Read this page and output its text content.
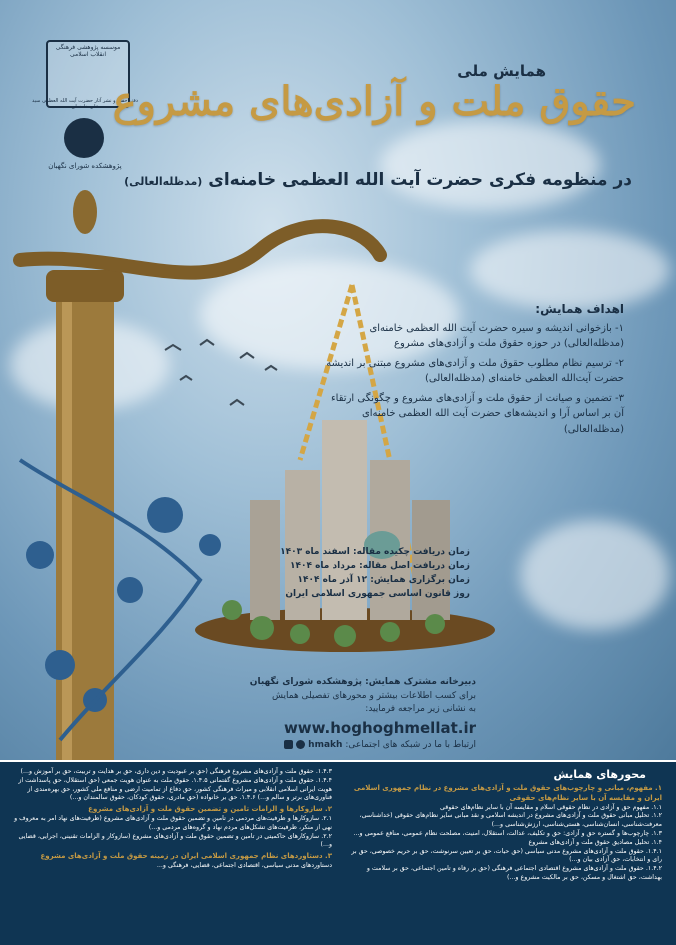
موسسه پژوهشی فرهنگی انقلاب اسلامی
دفتر حفظ و نشر آثار حضرت آیت الله العظمی سید علی خامنه‌ای
پژوهشکده شورای نگهبان
همایش ملی
حقوق ملت و آزادی‌های مشروع
در منظومه فکری حضرت آیت الله العظمی خامنه‌ای (مدظله‌العالی)
اهداف همایش:
۱- بازخوانی اندیشه و سیره حضرت آیت الله العظمی خامنه‌ای (مدظله‌العالی) در حوزه حقوق ملت و آزادی‌های مشروع
۲- ترسیم نظام مطلوب حقوق ملت و آزادی‌های مشروع مبتنی بر اندیشه حضرت آیت‌الله العظمی خامنه‌ای (مدظله‌العالی)
۳- تضمین و صیانت از حقوق ملت و آزادی‌های مشروع و چگونگی ارتقاء آن بر اساس آرا و اندیشه‌های حضرت آیت الله العظمی خامنه‌ای (مدظله‌العالی)
زمان دریافت چکیده مقاله: اسفند ماه ۱۴۰۳
زمان دریافت اصل مقاله: مرداد ماه ۱۴۰۴
زمان برگزاری همایش: ۱۲ آذر ماه ۱۴۰۴
روز قانون اساسی جمهوری اسلامی ایران
دبیرخانه مشترک همایش: پژوهشکده شورای نگهبان
برای کسب اطلاعات بیشتر و محورهای تفصیلی همایش
به نشانی زیر مراجعه فرمایید:
www.hoghoghmellat.ir
ارتباط با ما در شبکه های اجتماعی: hmakh
محورهای همایش
۱. مفهوم، مبانی و چارچوب‌های حقوق ملت و آزادی‌های مشروع در نظام جمهوری اسلامی ایران و مقایسه آن با سایر نظام‌های حقوقی
۱.۱. مفهوم حق و آزادی در نظام حقوقی اسلام و مقایسه آن با سایر نظام‌های حقوقی
۱.۲. تحلیل مبانی حقوق ملت و آزادی‌های مشروع در اندیشه اسلامی و نقد مبانی سایر نظام‌های حقوقی (خداشناسی، معرفت‌شناسی، انسان‌شناسی، هستی‌شناسی، ارزش‌شناسی و...)
۱.۳. چارچوب‌ها و گستره حق و آزادی: حق و تکلیف، عدالت، استقلال، امنیت، مصلحت نظام عمومی، منافع عمومی و...
۱.۴. تحلیل مصادیق حقوق ملت و آزادی‌های مشروع
۱.۴.۱. حقوق ملت و آزادی‌های مشروع مدنی سیاسی (حق حیات، حق بر تعیین سرنوشت، حق بر حریم خصوصی، حق بر رای و انتخابات، حق آزادی بیان و...)
۱.۴.۲. حقوق ملت و آزادی‌های مشروع اقتصادی اجتماعی فرهنگی (حق بر رفاه و تامین اجتماعی، حق بر سلامت و بهداشت، حق اشتغال و مسکن، حق بر مالکیت مشروع و...)
۱.۴.۳. حقوق ملت و آزادی‌های مشروع فرهنگی (حق بر عبودیت و دین داری، حق بر هدایت و تربیت، حق بر آموزش و...) ۱.۴.۴. حقوق ملت و آزادی‌های مشروع گفتمانی ۱.۴.۵. حقوق ملت به عنوان هویت جمعی (حق استقلال، حق پاسداشت از هویت ایرانی اسلامی انقلابی و میراث فرهنگی کشور، حق دفاع از تمامیت ارضی و منافع ملی کشور، حق بهره‌مندی از فناوری‌های برتر و سالم و...) ۱.۴.۶. حق بر خانواده (حق مادری، حقوق کودکان، حقوق سالمندان و...)
۲. سازوکارها و الزامات تامین و تضمین حقوق ملت و آزادی‌های مشروع
۲.۱. سازوکارها و ظرفیت‌های مردمی در تامین و تضمین حقوق ملت و آزادی‌های مشروع (ظرفیت‌های نهاد امر به معروف و نهی از منکر، ظرفیت‌های تشکل‌های مردم نهاد و گروه‌های مردمی و...)
۲.۲. سازوکارهای حاکمیتی در تامین و تضمین حقوق ملت و آزادی‌های مشروع (سازوکار و الزامات تقنینی، اجرایی، قضایی و...)
۳. دستاوردهای نظام جمهوری اسلامی ایران در زمینه حقوق ملت و آزادی‌های مشروع
دستاوردهای مدنی سیاسی، اقتصادی اجتماعی، قضایی، فرهنگی و...
